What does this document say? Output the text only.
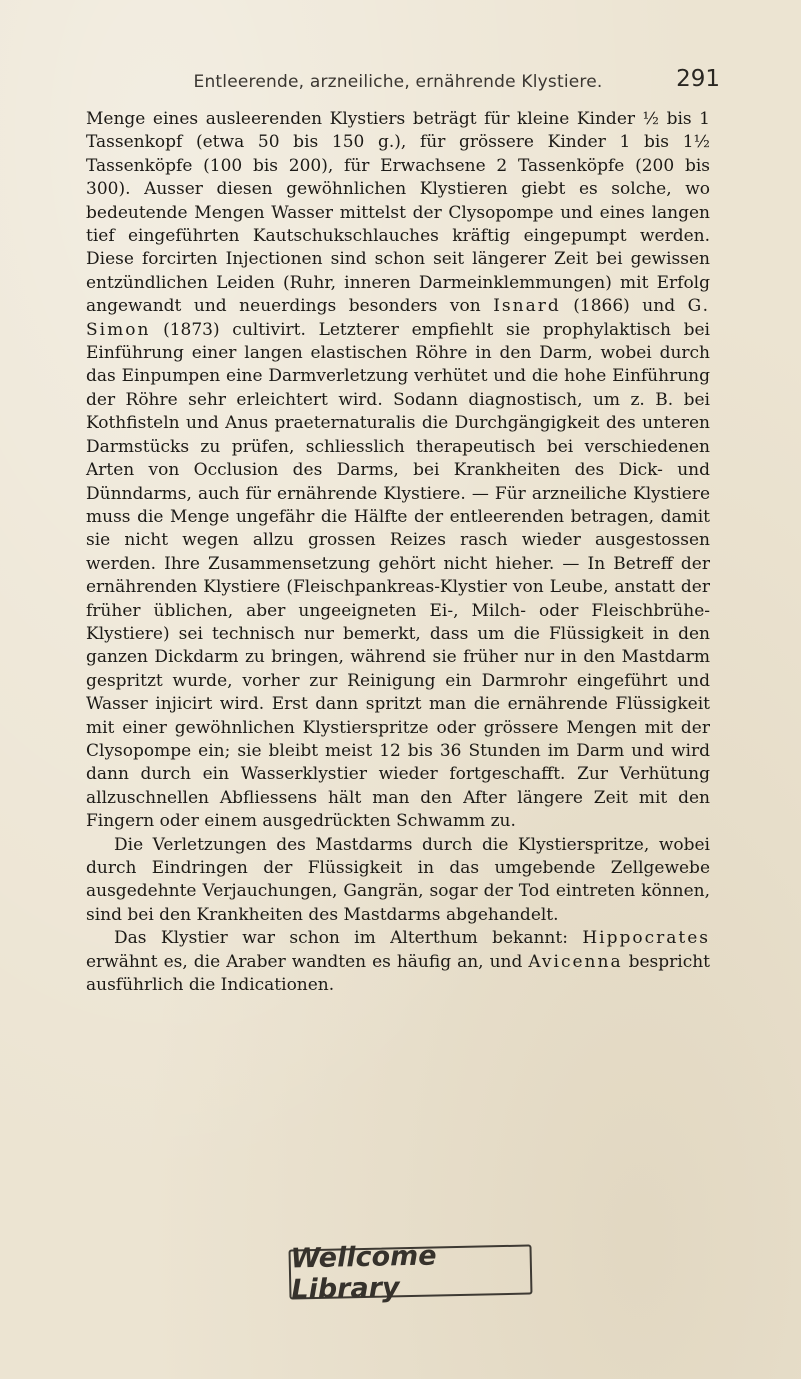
Entleerende, arzneiliche, ernährende Klystiere.	291

Menge eines ausleerenden Klystiers beträgt für kleine Kinder ½ bis 1 Tassenkopf (etwa 50 bis 150 g.), für grössere Kinder 1 bis 1½ Tassenköpfe (100 bis 200), für Erwachsene 2 Tassenköpfe (200 bis 300). Ausser diesen gewöhnlichen Klystieren giebt es solche, wo bedeutende Mengen Wasser mittelst der Clysopompe und eines langen tief eingeführten Kautschukschlauches kräftig eingepumpt werden. Diese forcirten Injectionen sind schon seit längerer Zeit bei gewissen entzündlichen Leiden (Ruhr, inneren Darmeinklemmungen) mit Erfolg angewandt und neuerdings besonders von Isnard (1866) und G. Simon (1873) cultivirt. Letzterer empfiehlt sie prophylaktisch bei Einführung einer langen elastischen Röhre in den Darm, wobei durch das Einpumpen eine Darmverletzung verhütet und die hohe Einführung der Röhre sehr erleichtert wird. Sodann diagnostisch, um z. B. bei Kothfisteln und Anus praeternaturalis die Durchgängigkeit des unteren Darmstücks zu prüfen, schliesslich therapeutisch bei verschiedenen Arten von Occlusion des Darms, bei Krankheiten des Dick- und Dünndarms, auch für ernährende Klystiere. — Für arzneiliche Klystiere muss die Menge ungefähr die Hälfte der entleerenden betragen, damit sie nicht wegen allzu grossen Reizes rasch wieder ausgestossen werden. Ihre Zusammensetzung gehört nicht hieher. — In Betreff der ernährenden Klystiere (Fleischpankreas-Klystier von Leube, anstatt der früher üblichen, aber ungeeigneten Ei-, Milch- oder Fleischbrühe-Klystiere) sei technisch nur bemerkt, dass um die Flüssigkeit in den ganzen Dickdarm zu bringen, während sie früher nur in den Mastdarm gespritzt wurde, vorher zur Reinigung ein Darmrohr eingeführt und Wasser injicirt wird. Erst dann spritzt man die ernährende Flüssigkeit mit einer gewöhnlichen Klystierspritze oder grössere Mengen mit der Clysopompe ein; sie bleibt meist 12 bis 36 Stunden im Darm und wird dann durch ein Wasserklystier wieder fortgeschafft. Zur Verhütung allzuschnellen Abfliessens hält man den After längere Zeit mit den Fingern oder einem ausgedrückten Schwamm zu.

Die Verletzungen des Mastdarms durch die Klystierspritze, wobei durch Eindringen der Flüssigkeit in das umgebende Zellgewebe ausgedehnte Verjauchungen, Gangrän, sogar der Tod eintreten können, sind bei den Krankheiten des Mastdarms abgehandelt.

Das Klystier war schon im Alterthum bekannt: Hippocrates erwähnt es, die Araber wandten es häufig an, und Avicenna bespricht ausführlich die Indicationen.

Wellcome Library
